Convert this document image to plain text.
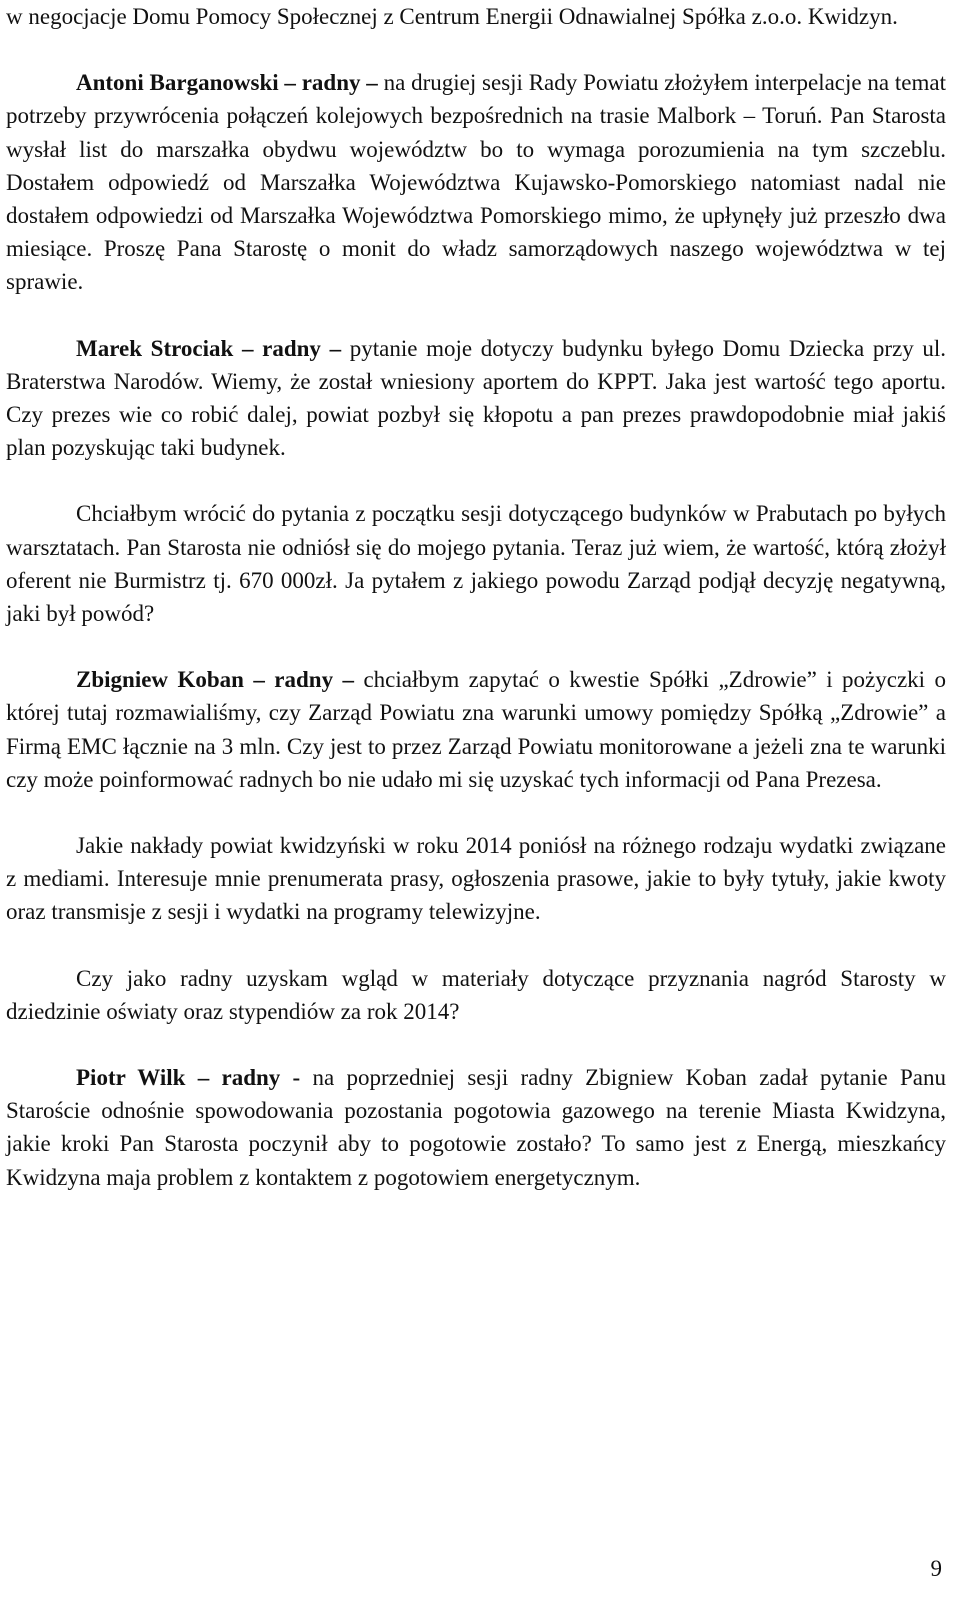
w negocjacje Domu Pomocy Społecznej z Centrum Energii Odnawialnej Spółka z.o.o. Kwidzyn.

Antoni Barganowski – radny – na drugiej sesji Rady Powiatu złożyłem interpelacje na temat potrzeby przywrócenia połączeń kolejowych bezpośrednich na trasie Malbork – Toruń. Pan Starosta wysłał list do marszałka obydwu województw bo to wymaga porozumienia na tym szczeblu. Dostałem odpowiedź od Marszałka Województwa Kujawsko-Pomorskiego natomiast nadal nie dostałem odpowiedzi od Marszałka Województwa Pomorskiego mimo, że upłynęły już przeszło dwa miesiące. Proszę Pana Starostę o monit do władz samorządowych naszego województwa w tej sprawie.

Marek Strociak – radny – pytanie moje dotyczy budynku byłego Domu Dziecka przy ul. Braterstwa Narodów. Wiemy, że został wniesiony aportem do KPPT. Jaka jest wartość tego aportu. Czy prezes wie co robić dalej, powiat pozbył się kłopotu a pan prezes prawdopodobnie miał jakiś plan pozyskując taki budynek.

Chciałbym wrócić do pytania z początku sesji dotyczącego budynków w Prabutach po byłych warsztatach. Pan Starosta nie odniósł się do mojego pytania. Teraz już wiem, że wartość, którą złożył oferent nie Burmistrz tj. 670 000zł. Ja pytałem z jakiego powodu Zarząd podjął decyzję negatywną, jaki był powód?

Zbigniew Koban – radny – chciałbym zapytać o kwestie Spółki „Zdrowie” i pożyczki o której tutaj rozmawialiśmy, czy Zarząd Powiatu zna warunki umowy pomiędzy Spółką „Zdrowie” a Firmą EMC łącznie na 3 mln. Czy jest to przez Zarząd Powiatu monitorowane a jeżeli zna te warunki czy może poinformować radnych bo nie udało mi się uzyskać tych informacji od Pana Prezesa.

Jakie nakłady powiat kwidzyński w roku 2014 poniósł na różnego rodzaju wydatki związane z mediami. Interesuje mnie prenumerata prasy, ogłoszenia prasowe, jakie to były tytuły, jakie kwoty oraz transmisje z sesji i wydatki na programy telewizyjne.

Czy jako radny uzyskam wgląd w materiały dotyczące przyznania nagród Starosty w dziedzinie oświaty oraz stypendiów za rok 2014?

Piotr Wilk – radny - na poprzedniej sesji radny Zbigniew Koban zadał pytanie Panu Staroście odnośnie spowodowania pozostania pogotowia gazowego na terenie Miasta Kwidzyna, jakie kroki Pan Starosta poczynił aby to pogotowie zostało? To samo jest z Energą, mieszkańcy Kwidzyna maja problem z kontaktem z pogotowiem energetycznym.

9
